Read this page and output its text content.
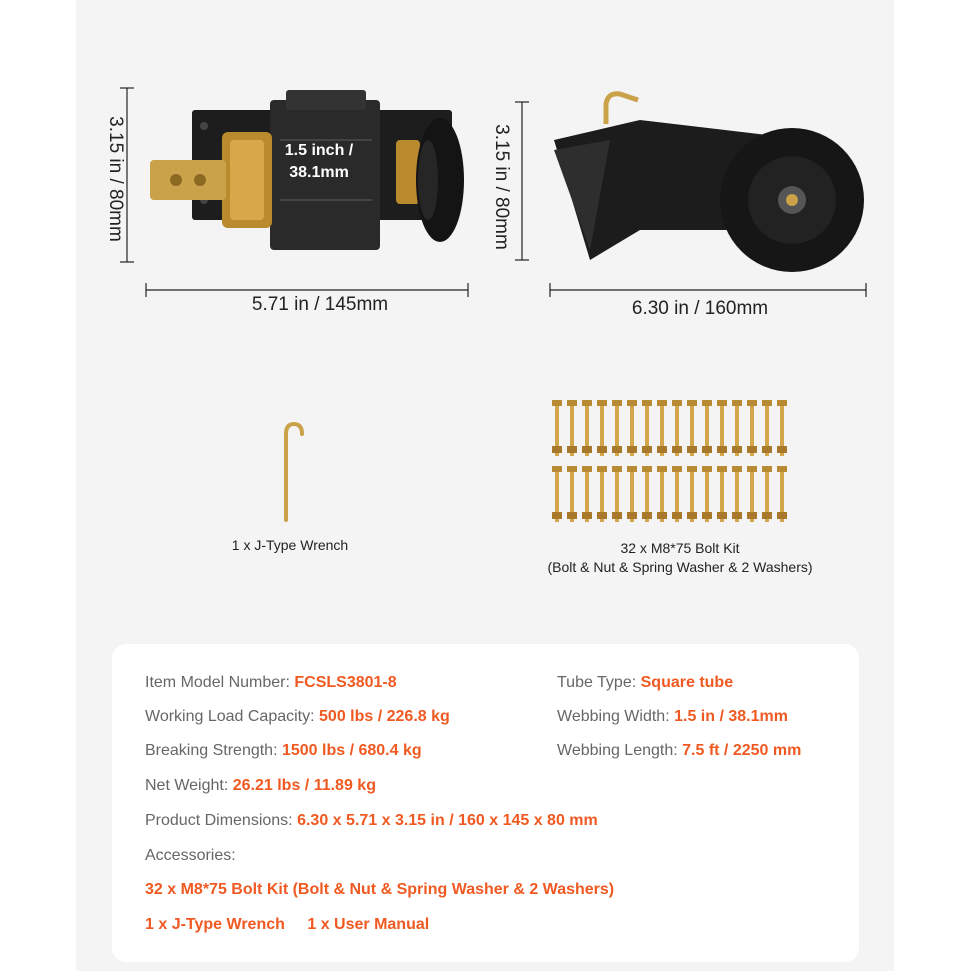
3.15 in / 80mm
5.71 in / 145mm
1.5 inch /
38.1mm	3.15 in / 80mm
6.30 in / 160mm
1 x J-Type Wrench	32 x M8*75 Bolt Kit
(Bolt & Nut & Spring Washer & 2 Washers)
Item Model Number: FCSLS3801-8	Tube Type: Square tube
Working Load Capacity: 500 lbs / 226.8 kg	Webbing Width: 1.5 in / 38.1mm
Breaking Strength: 1500 lbs / 680.4 kg	Webbing Length: 7.5 ft / 2250 mm
Net Weight: 26.21 lbs / 11.89 kg
Product Dimensions: 6.30 x 5.71 x 3.15 in / 160 x 145 x 80 mm
Accessories:
32 x M8*75 Bolt Kit (Bolt & Nut & Spring Washer & 2 Washers)
1 x J-Type Wrench 1 x User Manual
